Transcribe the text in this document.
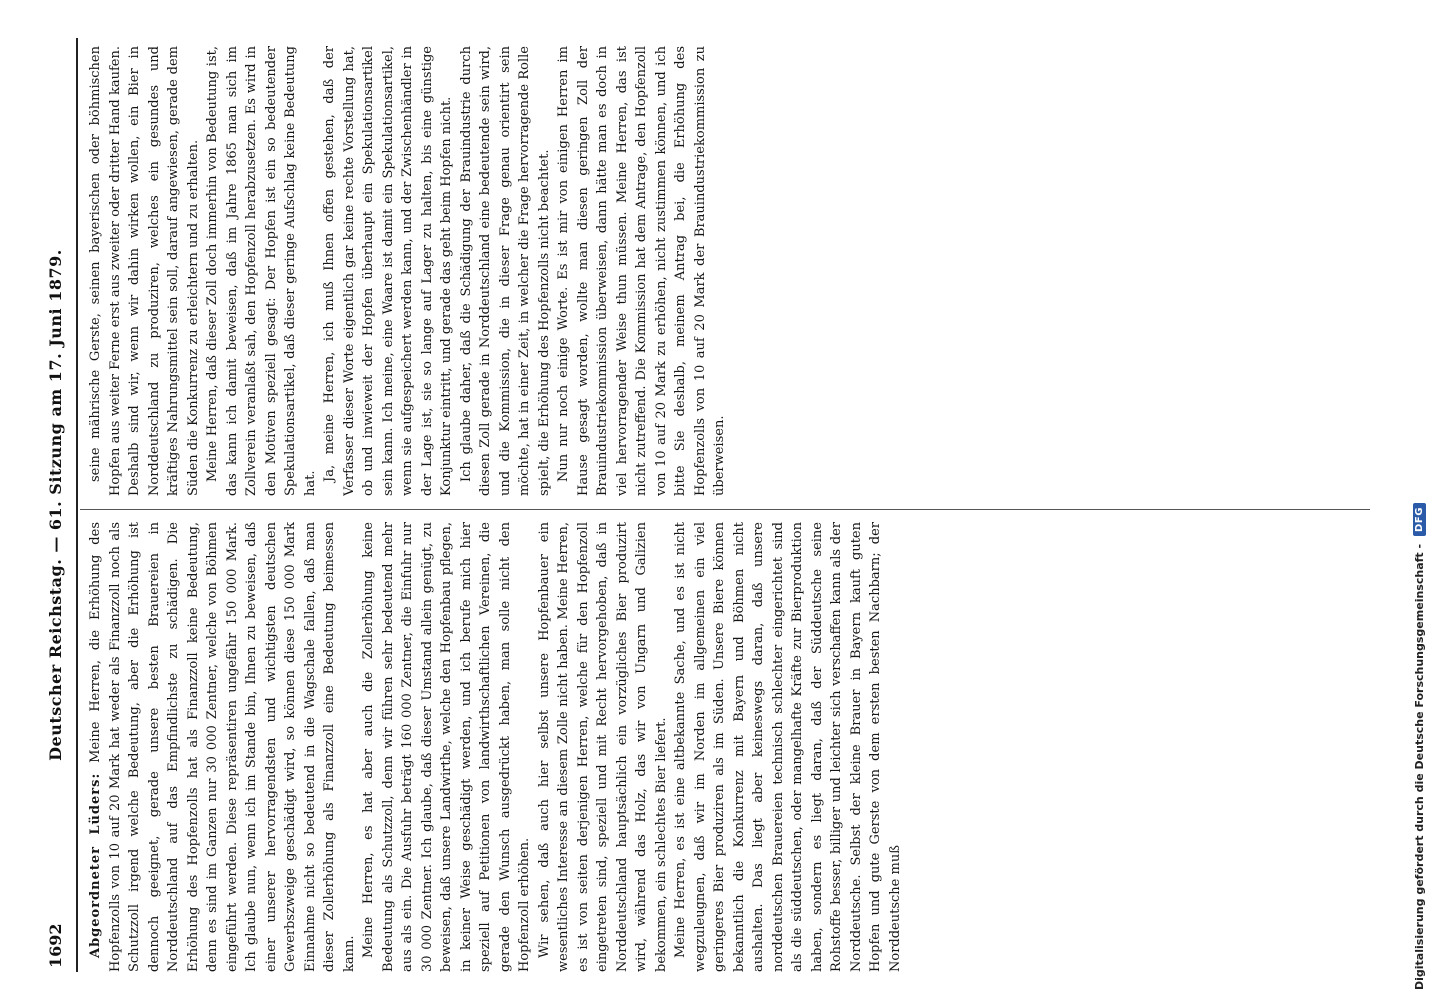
1692
Deutscher Reichstag. — 61. Sitzung am 17. Juni 1879.

Abgeordneter Lüders: Meine Herren, die Erhöhung des Hopfenzolls von 10 auf 20 Mark hat weder als Finanzzoll noch als Schutzzoll irgend welche Bedeutung, aber die Erhöhung ist dennoch geeignet, gerade unsere besten Brauereien in Norddeutschland auf das Empfindlichste zu schädigen. Die Erhöhung des Hopfenzolls hat als Finanzzoll keine Bedeutung, denn es sind im Ganzen nur 30 000 Zentner, welche von Böhmen eingeführt werden. Diese repräsentiren ungefähr 150 000 Mark. Ich glaube nun, wenn ich im Stande bin, Ihnen zu beweisen, daß einer unserer hervorragendsten und wichtigsten deutschen Gewerbszweige geschädigt wird, so können diese 150 000 Mark Einnahme nicht so bedeutend in die Wagschale fallen, daß man dieser Zollerhöhung als Finanzzoll eine Bedeutung beimessen kann. Meine Herren, es hat aber auch die Zollerhöhung keine Bedeutung als Schutzzoll, denn wir führen sehr bedeutend mehr aus als ein. Die Ausfuhr beträgt 160 000 Zentner, die Einfuhr nur 30 000 Zentner. Ich glaube, daß dieser Umstand allein genügt, zu beweisen, daß unsere Landwirthe, welche den Hopfenbau pflegen, in keiner Weise geschädigt werden, und ich berufe mich hier speziell auf Petitionen von landwirthschaftlichen Vereinen, die gerade den Wunsch ausgedrückt haben, man solle nicht den Hopfenzoll erhöhen. Wir sehen, daß auch hier selbst unsere Hopfenbauer ein wesentliches Interesse an diesem Zolle nicht haben. Meine Herren, es ist von seiten derjenigen Herren, welche für den Hopfenzoll eingetreten sind, speziell und mit Recht hervorgehoben, daß in Norddeutschland hauptsächlich ein vorzügliches Bier produzirt wird, während das Holz, das wir von Ungarn und Galizien bekommen, ein schlechtes Bier liefert. Meine Herren, es ist eine altbekannte Sache, und es ist nicht wegzuleugnen, daß wir im Norden im allgemeinen ein viel geringeres Bier produziren als im Süden. Unsere Biere können bekanntlich die Konkurrenz mit Bayern und Böhmen nicht aushalten. Das liegt aber keineswegs daran, daß unsere norddeutschen Brauereien technisch schlechter eingerichtet sind als die süddeutschen, oder mangelhafte Kräfte zur Bierproduktion haben, sondern es liegt daran, daß der Süddeutsche seine Rohstoffe besser, billiger und leichter sich verschaffen kann als der Norddeutsche. Selbst der kleine Brauer in Bayern kauft guten Hopfen und gute Gerste von dem ersten besten Nachbarn; der Norddeutsche muß

seine mährische Gerste, seinen bayerischen oder böhmischen Hopfen aus weiter Ferne erst aus zweiter oder dritter Hand kaufen. Deshalb sind wir, wenn wir dahin wirken wollen, ein Bier in Norddeutschland zu produziren, welches ein gesundes und kräftiges Nahrungsmittel sein soll, darauf angewiesen, gerade dem Süden die Konkurrenz zu erleichtern und zu erhalten. Meine Herren, daß dieser Zoll doch immerhin von Bedeutung ist, das kann ich damit beweisen, daß im Jahre 1865 man sich im Zollverein veranlaßt sah, den Hopfenzoll herabzusetzen. Es wird in den Motiven speziell gesagt: Der Hopfen ist ein so bedeutender Spekulationsartikel, daß dieser geringe Aufschlag keine Bedeutung hat.

Ja, meine Herren, ich muß Ihnen offen gestehen, daß der Verfasser dieser Worte eigentlich gar keine rechte Vorstellung hat, ob und inwieweit der Hopfen überhaupt ein Spekulationsartikel sein kann. Ich meine, eine Waare ist damit ein Spekulationsartikel, wenn sie aufgespeichert werden kann, und der Zwischenhändler in der Lage ist, sie so lange auf Lager zu halten, bis eine günstige Konjunktur eintritt, und gerade das geht beim Hopfen nicht. Ich glaube daher, daß die Schädigung der Brauindustrie durch diesen Zoll gerade in Norddeutschland eine bedeutende sein wird, und die Kommission, die in dieser Frage genau orientirt sein möchte, hat in einer Zeit, in welcher die Frage hervorragende Rolle spielt, die Erhöhung des Hopfenzolls nicht beachtet. Nun nur noch einige Worte. Es ist mir von einigen Herren im Hause gesagt worden, wollte man diesen geringen Zoll der Brauindustriekommission überweisen, dann hätte man es doch in viel hervorragender Weise thun müssen. Meine Herren, das ist nicht zutreffend. Die Kommission hat dem Antrage, den Hopfenzoll von 10 auf 20 Mark zu erhöhen, nicht zustimmen können, und ich bitte Sie deshalb, meinem Antrag bei, die Erhöhung des Hopfenzolls von 10 auf 20 Mark der Brauindustriekommission zu überweisen.

Digitalisierung gefördert durch die Deutsche Forschungsgemeinschaft -
DFG
